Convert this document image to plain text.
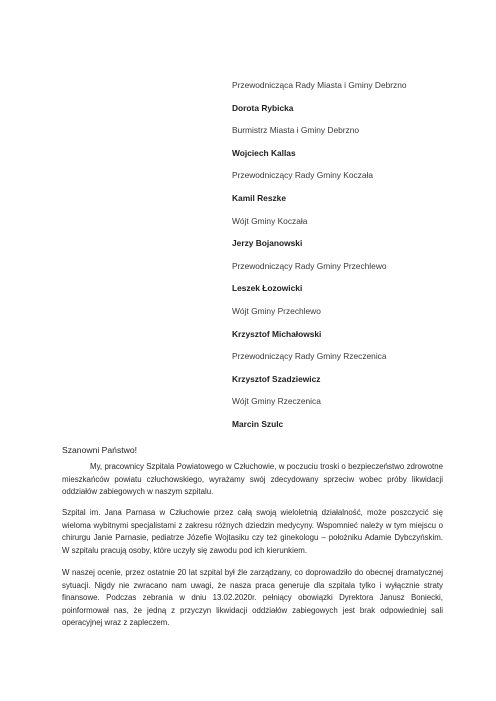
Przewodnicząca Rady Miasta i Gminy Debrzno

Dorota Rybicka

Burmistrz Miasta i Gminy Debrzno

Wojciech Kallas

Przewodniczący Rady Gminy Koczała

Kamil Reszke

Wójt Gminy Koczała

Jerzy Bojanowski

Przewodniczący Rady Gminy Przechlewo

Leszek Łozowicki

Wójt Gminy Przechlewo

Krzysztof Michałowski

Przewodniczący Rady Gminy Rzeczenica

Krzysztof Szadziewicz

Wójt Gminy Rzeczenica

Marcin Szulc

Szanowni Państwo!

My, pracownicy Szpitala Powiatowego w Człuchowie, w poczuciu troski o bezpieczeństwo zdrowotne mieszkańców powiatu człuchowskiego, wyrażamy swój zdecydowany sprzeciw wobec próby likwidacji oddziałów zabiegowych w naszym szpitalu.

Szpital im. Jana Parnasa w Człuchowie przez całą swoją wieloletnią działalność, może poszczycić się wieloma wybitnymi specjalistami z zakresu różnych dziedzin medycyny. Wspomnieć należy w tym miejscu o chirurgu Janie Parnasie, pediatrze Józefie Wojtasiku czy też ginekologu – położniku Adamie Dybczyńskim. W szpitalu pracują osoby, które uczyły się zawodu pod ich kierunkiem.

W naszej ocenie, przez ostatnie 20 lat szpital był źle zarządzany, co doprowadziło do obecnej dramatycznej sytuacji. Nigdy nie zwracano nam uwagi, że nasza praca generuje dla szpitala tylko i wyłącznie straty finansowe. Podczas zebrania w dniu 13.02.2020r. pełniący obowiązki Dyrektora Janusz Boniecki, poinformował nas, że jedną z przyczyn likwidacji oddziałów zabiegowych jest brak odpowiedniej sali operacyjnej wraz z zapleczem.
